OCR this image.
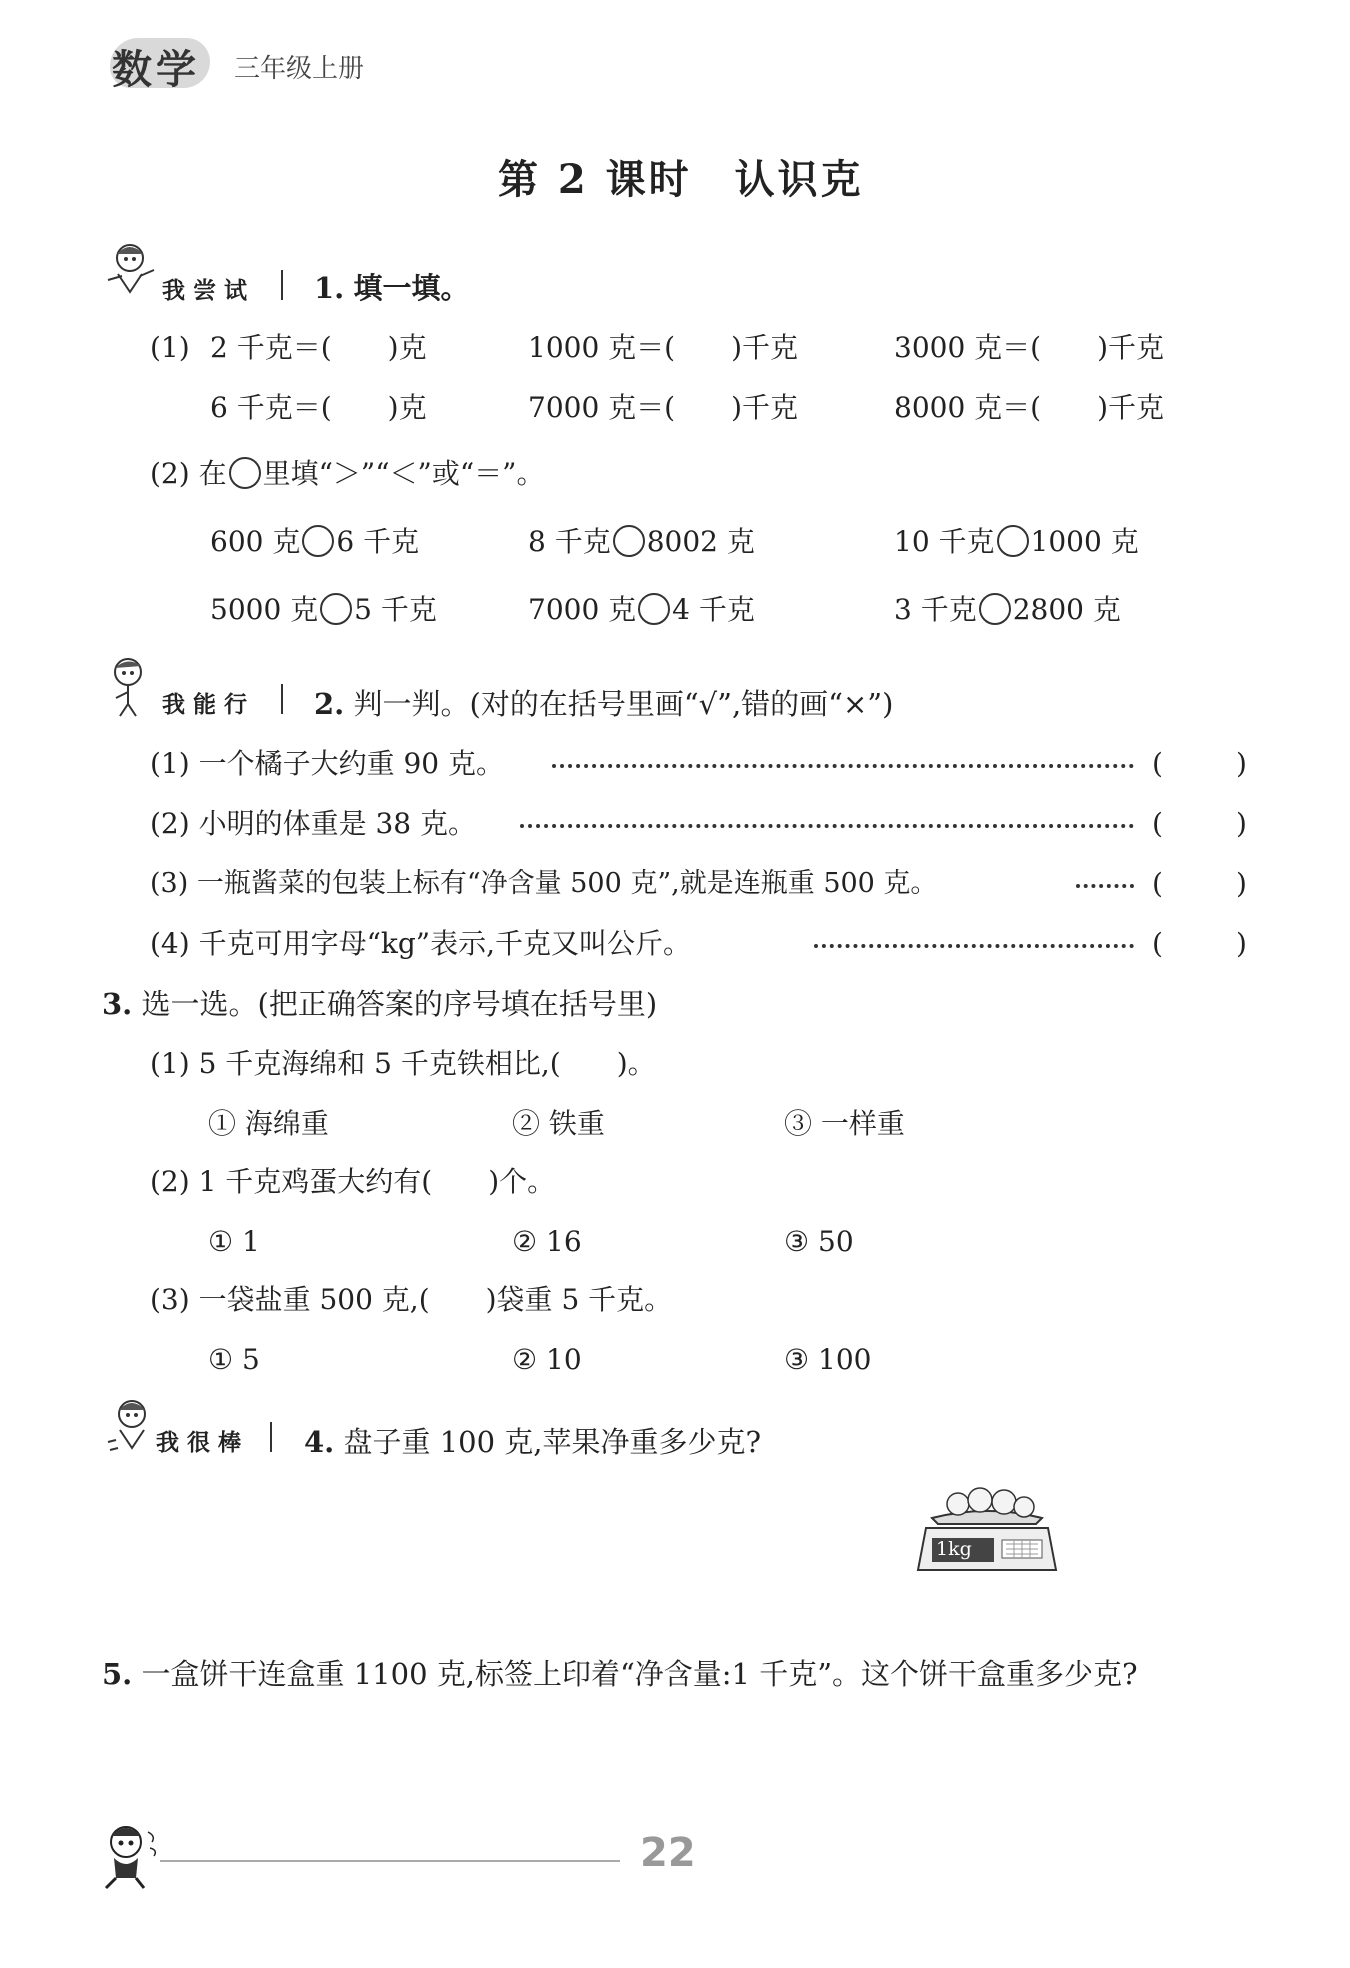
数学 三年级上册
第 2 课时　认识克
我尝试 1. 填一填。
(1) 2 千克＝(　　)克	1000 克＝(　　)千克	3000 克＝(　　)千克
6 千克＝(　　)克	7000 克＝(　　)千克	8000 克＝(　　)千克
(2) 在 里填“＞”“＜”或“＝”。
600 克 6 千克	8 千克 8002 克	10 千克 1000 克
5000 克 5 千克	7000 克 4 千克	3 千克 2800 克
我能行 2. 判一判。(对的在括号里画“√”,错的画“×”)
(1) 一个橘子大约重 90 克。	(	)
(2) 小明的体重是 38 克。	(	)
(3) 一瓶酱菜的包装上标有“净含量 500 克”,就是连瓶重 500 克。	(	)
(4) 千克可用字母“kg”表示,千克又叫公斤。	(	)
3. 选一选。(把正确答案的序号填在括号里)
(1) 5 千克海绵和 5 千克铁相比,(　　)。
① 海绵重	② 铁重	③ 一样重
(2) 1 千克鸡蛋大约有(　　)个。
① 1	② 16	③ 50
(3) 一袋盐重 500 克,(　　)袋重 5 千克。
① 5	② 10	③ 100
我很棒 4. 盘子重 100 克,苹果净重多少克?
1kg
5. 一盒饼干连盒重 1100 克,标签上印着“净含量:1 千克”。这个饼干盒重多少克?
22
